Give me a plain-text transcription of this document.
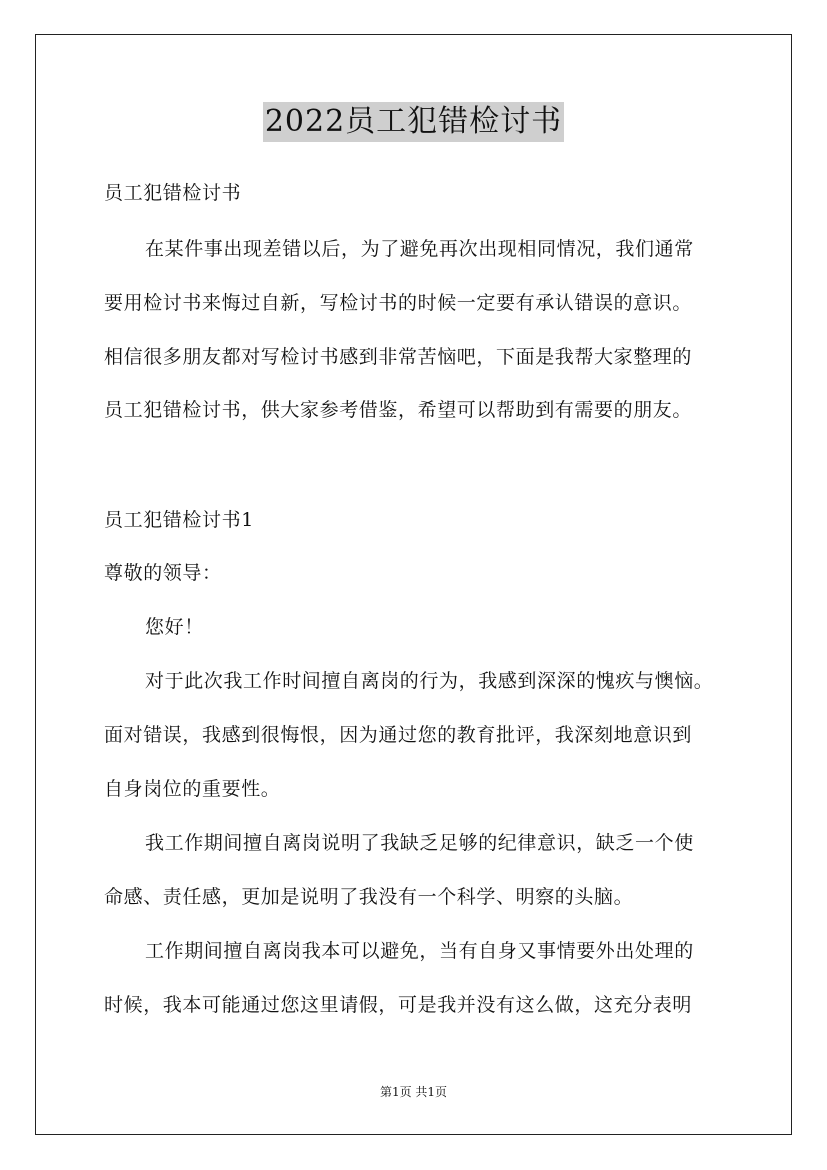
2022员工犯错检讨书
员工犯错检讨书
在某件事出现差错以后，为了避免再次出现相同情况，我们通常
要用检讨书来悔过自新，写检讨书的时候一定要有承认错误的意识。
相信很多朋友都对写检讨书感到非常苦恼吧，下面是我帮大家整理的
员工犯错检讨书，供大家参考借鉴，希望可以帮助到有需要的朋友。
员工犯错检讨书1
尊敬的领导：
您好！
对于此次我工作时间擅自离岗的行为，我感到深深的愧疚与懊恼。
面对错误，我感到很悔恨，因为通过您的教育批评，我深刻地意识到
自身岗位的重要性。
我工作期间擅自离岗说明了我缺乏足够的纪律意识，缺乏一个使
命感、责任感，更加是说明了我没有一个科学、明察的头脑。
工作期间擅自离岗我本可以避免，当有自身又事情要外出处理的
时候，我本可能通过您这里请假，可是我并没有这么做，这充分表明
第1页 共1页
